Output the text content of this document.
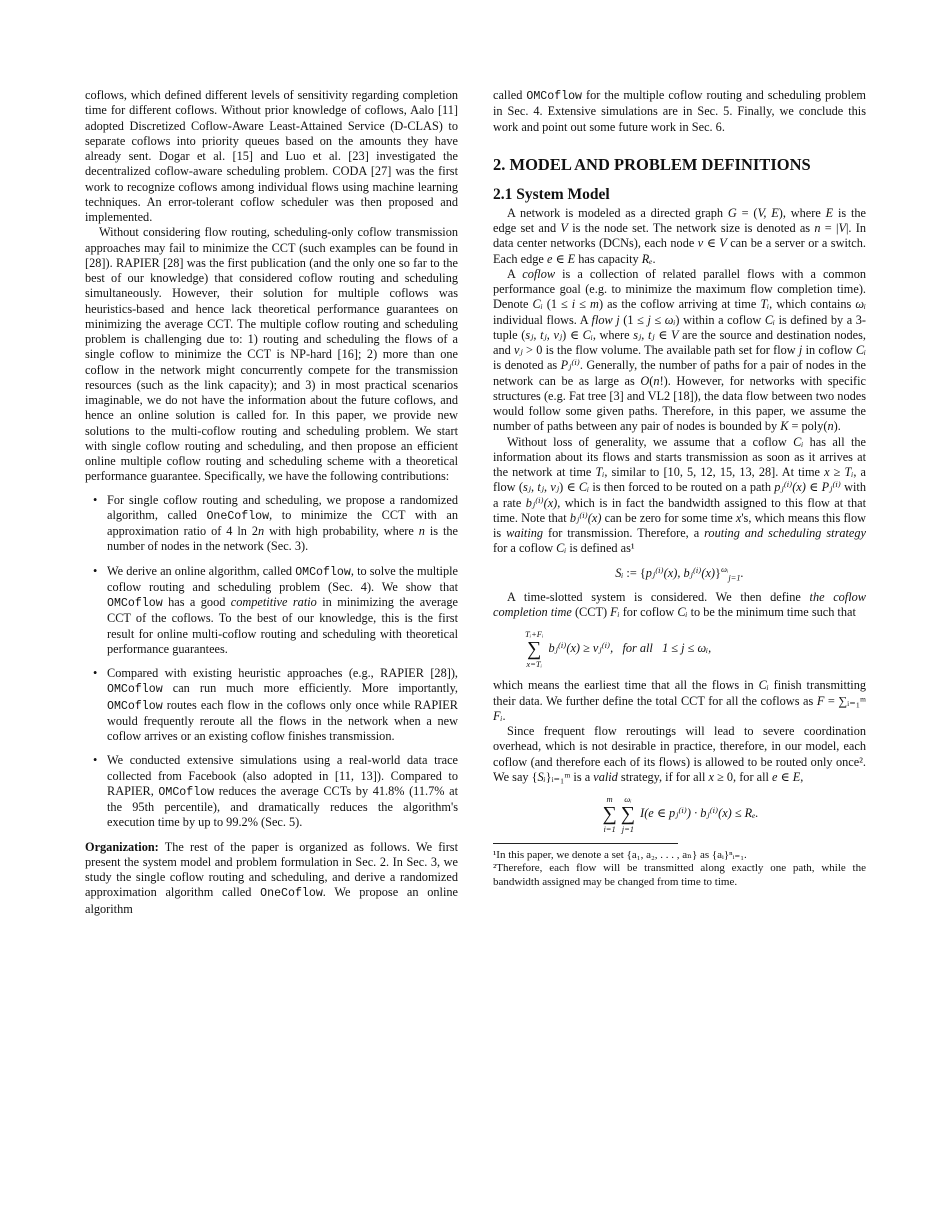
coflows, which defined different levels of sensitivity regarding completion time for different coflows. Without prior knowledge of coflows, Aalo [11] adopted Discretized Coflow-Aware Least-Attained Service (D-CLAS) to separate coflows into priority queues based on the amounts they have already sent. Dogar et al. [15] and Luo et al. [23] investigated the decentralized coflow-aware scheduling problem. CODA [27] was the first work to recognize coflows among individual flows using machine learning techniques. An error-tolerant coflow scheduler was then proposed and implemented.

Without considering flow routing, scheduling-only coflow transmission approaches may fail to minimize the CCT (such examples can be found in [28]). RAPIER [28] was the first publication (and the only one so far to the best of our knowledge) that considered coflow routing and scheduling simultaneously. However, their solution for multiple coflows was heuristics-based and hence lack theoretical performance guarantees on minimizing the average CCT. The multiple coflow routing and scheduling problem is challenging due to: 1) routing and scheduling the flows of a single coflow to minimize the CCT is NP-hard [16]; 2) more than one coflow in the network might concurrently compete for the transmission resources (such as the link capacity); and 3) in most practical scenarios imaginable, we do not have the information about the future coflows, and hence an online solution is called for. In this paper, we provide new solutions to the multi-coflow routing and scheduling problem. We start with single coflow routing and scheduling, and then propose an efficient online multiple coflow routing and scheduling scheme with a theoretical performance guarantee. Specifically, we have the following contributions:

• For single coflow routing and scheduling, we propose a randomized algorithm, called OneCoflow, to minimize the CCT with an approximation ratio of 4 ln 2n with high probability, where n is the number of nodes in the network (Sec. 3).
• We derive an online algorithm, called OMCoflow, to solve the multiple coflow routing and scheduling problem (Sec. 4). We show that OMCoflow has a good competitive ratio in minimizing the average CCT of the coflows. To the best of our knowledge, this is the first result for online multi-coflow routing and scheduling with theoretical performance guarantees.
• Compared with existing heuristic approaches (e.g., RAPIER [28]), OMCoflow can run much more efficiently. More importantly, OMCoflow routes each flow in the coflows only once while RAPIER would frequently reroute all the flows in the network when a new coflow arrives or an existing coflow finishes transmission.
• We conducted extensive simulations using a real-world data trace collected from Facebook (also adopted in [11, 13]). Compared to RAPIER, OMCoflow reduces the average CCTs by 41.8% (11.7% at the 95th percentile), and dramatically reduces the algorithm's execution time by up to 99.2% (Sec. 5).

Organization: The rest of the paper is organized as follows. We first present the system model and problem formulation in Sec. 2. In Sec. 3, we study the single coflow routing and scheduling, and derive a randomized approximation algorithm called OneCoflow. We propose an online algorithm

called OMCoflow for the multiple coflow routing and scheduling problem in Sec. 4. Extensive simulations are in Sec. 5. Finally, we conclude this work and point out some future work in Sec. 6.

2. MODEL AND PROBLEM DEFINITIONS
2.1 System Model

A network is modeled as a directed graph G = (V, E), where E is the edge set and V is the node set. The network size is denoted as n = |V|. In data center networks (DCNs), each node v ∈ V can be a server or a switch. Each edge e ∈ E has capacity Rₑ.

A coflow is a collection of related parallel flows with a common performance goal (e.g. to minimize the maximum flow completion time). Denote Cᵢ (1 ≤ i ≤ m) as the coflow arriving at time Tᵢ, which contains ωᵢ individual flows. A flow j (1 ≤ j ≤ ωᵢ) within a coflow Cᵢ is defined by a 3-tuple (sⱼ, tⱼ, vⱼ) ∈ Cᵢ, where sⱼ, tⱼ ∈ V are the source and destination nodes, and vⱼ > 0 is the flow volume. The available path set for flow j in coflow Cᵢ is denoted as Pⱼ⁽ⁱ⁾. Generally, the number of paths for a pair of nodes in the network can be as large as O(n!). However, for networks with specific structures (e.g. Fat tree [3] and VL2 [18]), the data flow between two nodes would follow some given paths. Therefore, in this paper, we assume the number of paths between any pair of nodes is bounded by K = poly(n).

Without loss of generality, we assume that a coflow Cᵢ has all the information about its flows and starts transmission as soon as it arrives at the network at time Tᵢ, similar to [10, 5, 12, 15, 13, 28]. At time x ≥ Tᵢ, a flow (sⱼ, tⱼ, vⱼ) ∈ Cᵢ is then forced to be routed on a path pⱼ⁽ⁱ⁾(x) ∈ Pⱼ⁽ⁱ⁾ with a rate bⱼ⁽ⁱ⁾(x), which is in fact the bandwidth assigned to this flow at that time. Note that bⱼ⁽ⁱ⁾(x) can be zero for some time x's, which means this flow is waiting for transmission. Therefore, a routing and scheduling strategy for a coflow Cᵢ is defined as¹

Sᵢ := {pⱼ⁽ⁱ⁾(x), bⱼ⁽ⁱ⁾(x)}$^{\omega ᵢ}_{j=1}$.

A time-slotted system is considered. We then define the coflow completion time (CCT) Fᵢ for coflow Cᵢ to be the minimum time such that

Tᵢ+Fᵢ
∑
x=Tᵢ
bⱼ⁽ⁱ⁾(x) ≥ vⱼ⁽ⁱ⁾, for all 1 ≤ j ≤ ωᵢ,

which means the earliest time that all the flows in Cᵢ finish transmitting their data. We further define the total CCT for all the coflows as F = ∑ᵢ₌₁ᵐ Fᵢ.

Since frequent flow reroutings will lead to severe coordination overhead, which is not desirable in practice, therefore, in our model, each coflow (and therefore each of its flows) is allowed to be routed only once². We say {Sᵢ}ᵢ₌₁ᵐ is a valid strategy, if for all x ≥ 0, for all e ∈ E,

m
∑
i=1
ωᵢ
∑
j=1
I(e ∈ pⱼ⁽ⁱ⁾) · bⱼ⁽ⁱ⁾(x) ≤ Rₑ.
¹In this paper, we denote a set {a₁, a₂, . . . , aₙ} as {aᵢ}ⁿᵢ₌₁.
²Therefore, each flow will be transmitted along exactly one path, while the bandwidth assigned may be changed from time to time.
